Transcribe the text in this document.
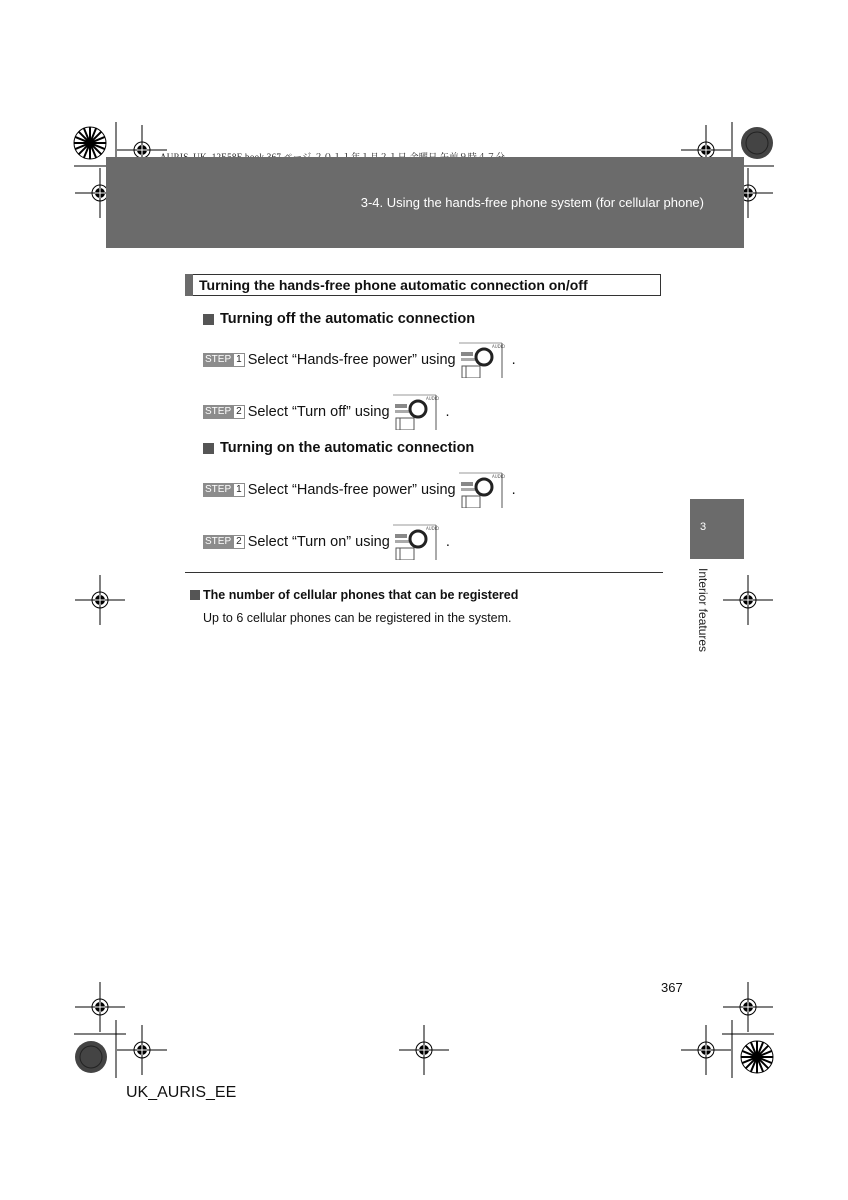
3-4. Using the hands-free phone system (for cellular phone)
Turning the hands-free phone automatic connection on/off
Turning off the automatic connection
STEP 1 Select “Hands-free power” using
AUDIO
.
STEP 2 Select “Turn off” using
AUDIO
.
Turning on the automatic connection
STEP 1 Select “Hands-free power” using
AUDIO
.
STEP 2 Select “Turn on” using
AUDIO
.
The number of cellular phones that can be registered
Up to 6 cellular phones can be registered in the system.
3
Interior features
367
UK_AURIS_EE
